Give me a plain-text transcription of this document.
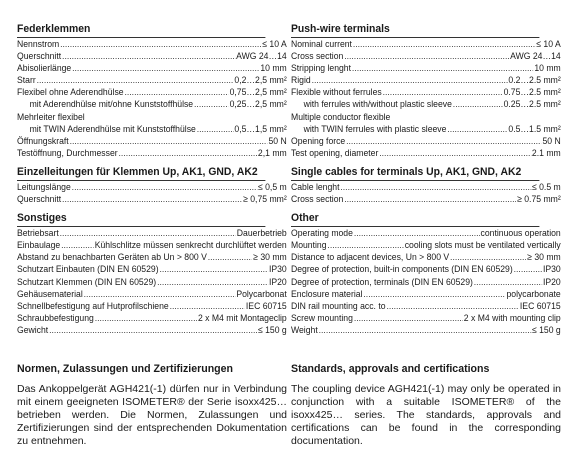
Federklemmen
Nennstrom .....	≤ 10 A
Querschnitt .....	AWG 24…14
Abisolierlänge .....	10 mm
Starr .....	0,2…2,5 mm²
Flexibel ohne Aderendhülse .....	0,75…2,5 mm²
mit Aderendhülse mit/ohne Kunststoffhülse .....	0,25…2,5 mm²
Mehrleiter flexibel
mit TWIN Aderendhülse mit Kunststoffhülse .....	0,5…1,5 mm²
Öffnungskraft .....	50 N
Testöffnung, Durchmesser .....	2,1 mm
Einzelleitungen für Klemmen Up, AK1, GND, AK2
Leitungslänge .....	≤ 0,5 m
Querschnitt .....	≥ 0,75 mm²
Sonstiges
Betriebsart .....	Dauerbetrieb
Einbaulage .....	Kühlschlitze müssen senkrecht durchlüftet werden
Abstand zu benachbarten Geräten ab Un > 800 V .....	≥ 30 mm
Schutzart Einbauten (DIN EN 60529) .....	IP30
Schutzart Klemmen (DIN EN 60529) .....	IP20
Gehäusematerial .....	Polycarbonat
Schnellbefestigung auf Hutprofilschiene .....	IEC 60715
Schraubbefestigung .....	2 x M4 mit Montageclip
Gewicht .....	≤ 150 g
Push-wire terminals
Nominal current .....	≤ 10 A
Cross section .....	AWG 24…14
Stripping lenght .....	10 mm
Rigid .....	0.2…2.5 mm²
Flexible without ferrules .....	0.75…2.5 mm²
with ferrules with/without plastic sleeve .....	0.25…2.5 mm²
Multiple conductor flexible
with TWIN ferrules with plastic sleeve .....	0.5…1.5 mm²
Opening force .....	50 N
Test opening, diameter .....	2.1 mm
Single cables for terminals Up, AK1, GND, AK2
Cable lenght .....	≤ 0.5 m
Cross section .....	≥ 0.75 mm²
Other
Operating mode .....	continuous operation
Mounting .....	cooling slots must be ventilated vertically
Distance to adjacent devices, Un > 800 V .....	≥ 30 mm
Degree of protection, built-in components (DIN EN 60529) .....	IP30
Degree of protection, terminals (DIN EN 60529) .....	IP20
Enclosure material .....	polycarbonate
DIN rail mounting acc. to .....	IEC 60715
Screw mounting .....	2 x M4 with mounting clip
Weight .....	≤ 150 g
Normen, Zulassungen und Zertifizierungen
Das Ankoppelgerät AGH421(-1) dürfen nur in Verbindung mit einem geeigneten ISOMETER® der Serie isoxx425… betrieben werden. Die Normen, Zulassungen und Zertifizierungen sind der entsprechenden Dokumentation zu entnehmen.
Standards, approvals and certifications
The coupling device AGH421(-1) may only be operated in conjunction with a suitable ISOMETER® of the isoxx425… series. The standards, approvals and certifications can be found in the corresponding documentation.
